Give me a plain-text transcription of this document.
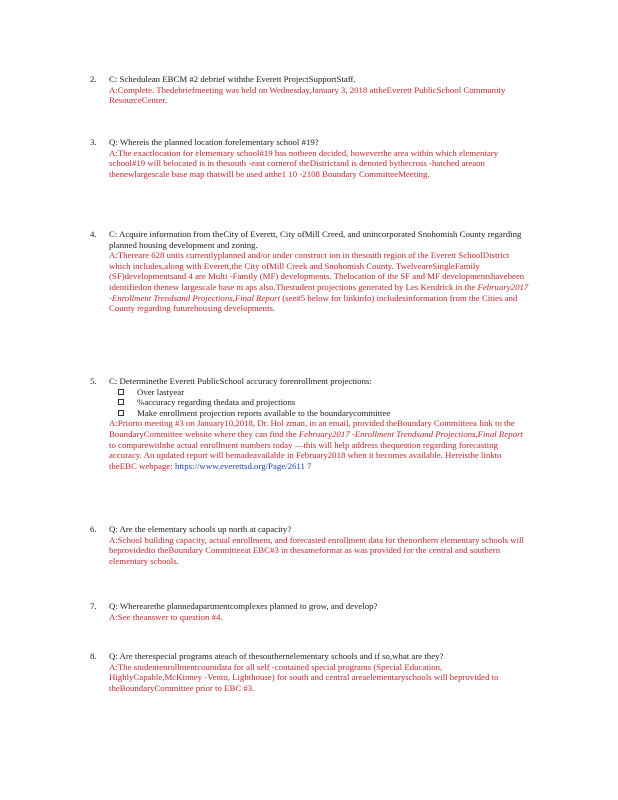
2. C: Schedulean EBCM #2 debrief withthe Everett ProjectSupportStaff.
A:Complete. Thedebriefmeeting was held on Wednesday,January 3, 2018 attheEverett PublicSchool Community ResourceCenter.
3. Q: Whereis the planned location forelementary school #19?
A:The exactlocation for elementary school#19 has notbeen decided, howeverthe area within which elementary school#19 will belocated is in thesouth -east cornerof theDistrictand is denoted bythecross -hatched areaon thenewlargescale base map thatwill be used atthe1 10 -2108 Boundary CommitteeMeeting.
4. C: Acquire information from theCity of Everett, City ofMill Creed, and unincorporated Snohomish County regarding planned housing development and zoning.
A:Thereare 628 units currentlyplanned and/or under construct ion in thesouth region of the Everett SchoolDistrict which includes,along with Everett,the City ofMill Creek and Snohomish County. TwelveareSingleFamily (SF)developmentsand 4 are Multi -Family (MF) developments. Thelocation of the SF and MF developmentshavebeen identifiedon thenew largescale base m aps also.Thestudent projections generated by Les Kendrick in the February2017 -Enrollment Trendsand Projections,Final Report (see#5 below for linkinfo) includesinformation from the Cities and County regarding futurehousing developments.
5. C: Determinethe Everett PublicSchool accuracy forenrollment projections:
Over lastyear
%accuracy regarding thedata and projections
Make enrollment projection reports available to the boundarycommittee
A:Priorto meeting #3 on January10,2018, Dr. Hol zman, in an email, provided theBoundary Committeea link to the BoundaryCommittee website where they can find the February2017 -Enrollment Trendsand Projections,Final Report to comparewiththe actual enrollment numbers today —this will help address thequestion regarding forecasting accuracy. An updated report will bemadeavailable in February2018 when it becomes available. Hereisthe linkto theEBC webpage: https://www.everettsd.org/Page/2611 7
6. Q: Are the elementary schools up north at capacity?
A:School building capacity, actual enrollment, and forecasted enrollment data for thenorthern elementary schools will beprovidedto theBoundary Committeeat EBC#3 in thesameformat as was provided for the central and southern elementary schools.
7. Q: Wherearethe plannedapartmentcomplexes planned to grow, and develop?
A:See theanswer to question #4.
8. Q: Are therespecial programs ateach of thesouthernelementary schools and if so,what are they?
A:The studentenrollmentcountdata for all self -contained special programs (Special Education, HighlyCapable,McKinney -Vento, Lighthouse) for south and central areaelementaryschools will beprovided to theBoundaryCommittee prior to EBC #3.
